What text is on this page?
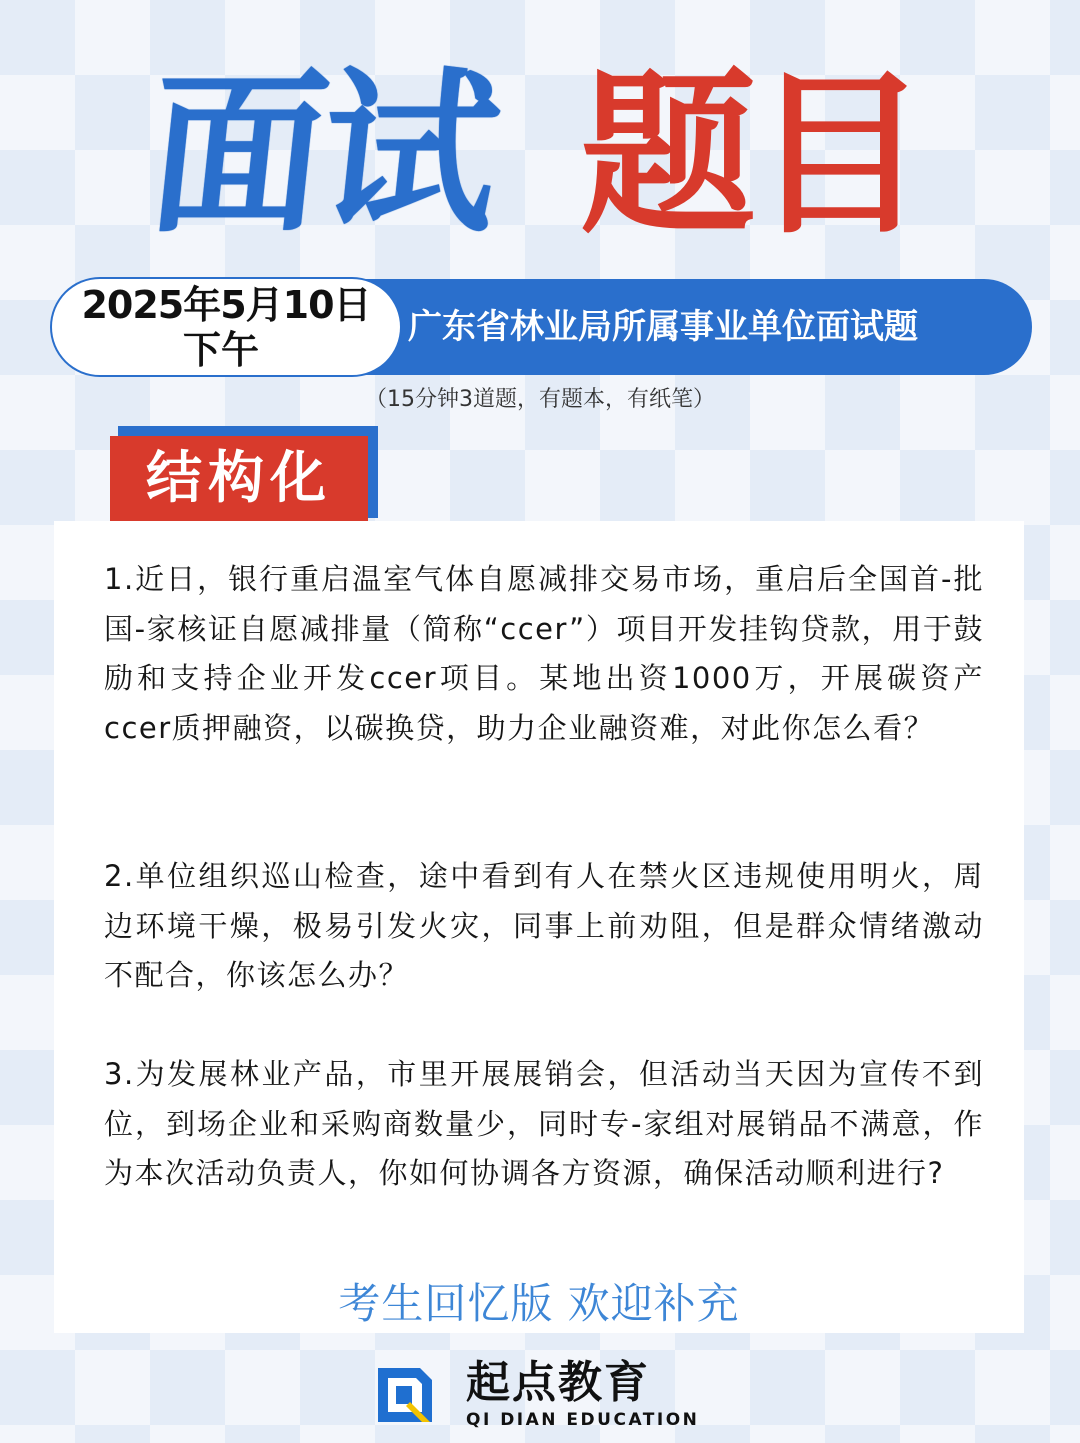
面试 题目
广东省林业局所属事业单位面试题
2025年5月10日
下午
（15分钟3道题，有题本，有纸笔）
结构化

1.近日，银行重启温室气体自愿减排交易市场，重启后全国首-批国-家核证自愿减排量（简称“ccer”）项目开发挂钩贷款，用于鼓励和支持企业开发ccer项目。某地出资1000万，开展碳资产ccer质押融资，以碳换贷，助力企业融资难，对此你怎么看？

2.单位组织巡山检查，途中看到有人在禁火区违规使用明火，周边环境干燥，极易引发火灾，同事上前劝阻，但是群众情绪激动不配合，你该怎么办？

3.为发展林业产品，市里开展展销会，但活动当天因为宣传不到位，到场企业和采购商数量少，同时专-家组对展销品不满意，作为本次活动负责人，你如何协调各方资源，确保活动顺利进行?

考生回忆版 欢迎补充
起点教育
QI DIAN EDUCATION
